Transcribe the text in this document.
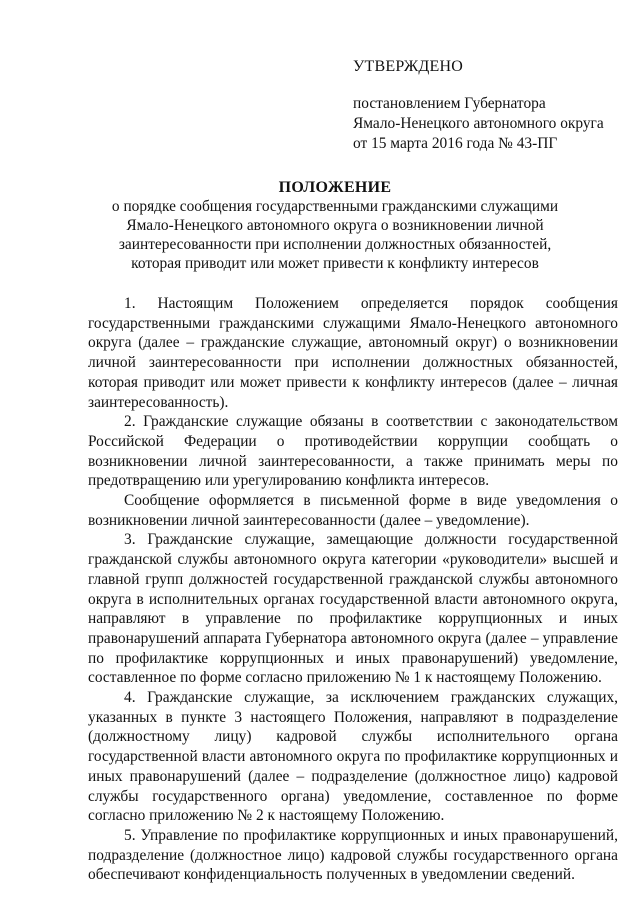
УТВЕРЖДЕНО
постановлением Губернатора
Ямало-Ненецкого автономного округа
от 15 марта 2016 года № 43-ПГ
ПОЛОЖЕНИЕ
о порядке сообщения государственными гражданскими служащими
Ямало-Ненецкого автономного округа о возникновении личной
заинтересованности при исполнении должностных обязанностей,
которая приводит или может привести к конфликту интересов

1. Настоящим Положением определяется порядок сообщения государственными гражданскими служащими Ямало-Ненецкого автономного округа (далее – гражданские служащие, автономный округ) о возникновении личной заинтересованности при исполнении должностных обязанностей, которая приводит или может привести к конфликту интересов (далее – личная заинтересованность).

2. Гражданские служащие обязаны в соответствии с законодательством Российской Федерации о противодействии коррупции сообщать о возникновении личной заинтересованности, а также принимать меры по предотвращению или урегулированию конфликта интересов.

Сообщение оформляется в письменной форме в виде уведомления о возникновении личной заинтересованности (далее – уведомление).

3. Гражданские служащие, замещающие должности государственной гражданской службы автономного округа категории «руководители» высшей и главной групп должностей государственной гражданской службы автономного округа в исполнительных органах государственной власти автономного округа, направляют в управление по профилактике коррупционных и иных правонарушений аппарата Губернатора автономного округа (далее – управление по профилактике коррупционных и иных правонарушений) уведомление, составленное по форме согласно приложению № 1 к настоящему Положению.

4. Гражданские служащие, за исключением гражданских служащих, указанных в пункте 3 настоящего Положения, направляют в подразделение (должностному лицу) кадровой службы исполнительного органа государственной власти автономного округа по профилактике коррупционных и иных правонарушений (далее – подразделение (должностное лицо) кадровой службы государственного органа) уведомление, составленное по форме согласно приложению № 2 к настоящему Положению.

5. Управление по профилактике коррупционных и иных правонарушений, подразделение (должностное лицо) кадровой службы государственного органа обеспечивают конфиденциальность полученных в уведомлении сведений.
